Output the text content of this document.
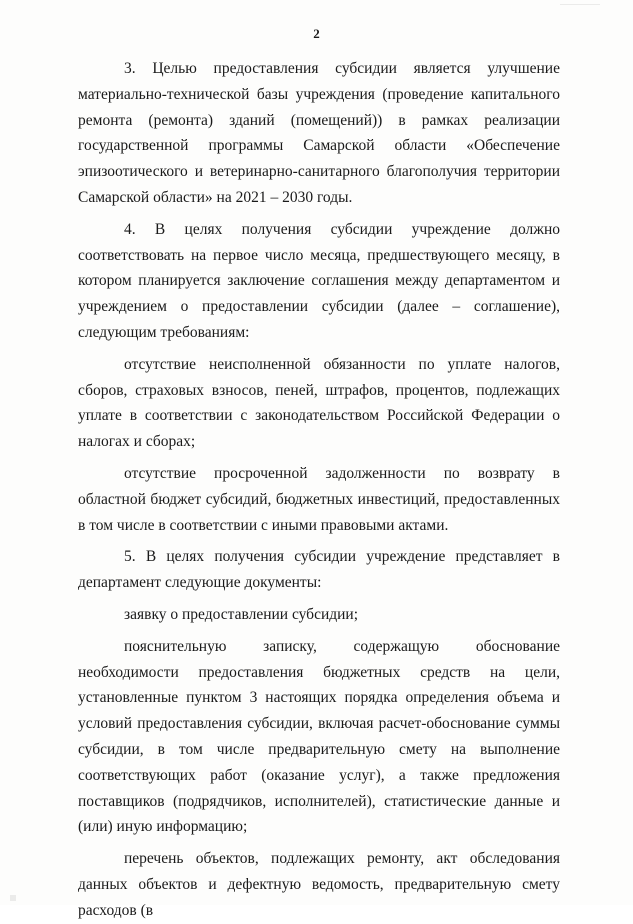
2

3. Целью предоставления субсидии является улучшение материально-технической базы учреждения (проведение капитального ремонта (ремонта) зданий (помещений)) в рамках реализации государственной программы Самарской области «Обеспечение эпизоотического и ветеринарно-санитарного благополучия территории Самарской области» на 2021 – 2030 годы.

4. В целях получения субсидии учреждение должно соответствовать на первое число месяца, предшествующего месяцу, в котором планируется заключение соглашения между департаментом и учреждением о предоставлении субсидии (далее – соглашение), следующим требованиям:

отсутствие неисполненной обязанности по уплате налогов, сборов, страховых взносов, пеней, штрафов, процентов, подлежащих уплате в соответствии с законодательством Российской Федерации о налогах и сборах;

отсутствие просроченной задолженности по возврату в областной бюджет субсидий, бюджетных инвестиций, предоставленных в том числе в соответствии с иными правовыми актами.

5. В целях получения субсидии учреждение представляет в департамент следующие документы:

заявку о предоставлении субсидии;

пояснительную записку, содержащую обоснование необходимости предоставления бюджетных средств на цели, установленные пунктом 3 настоящих порядка определения объема и условий предоставления субсидии, включая расчет-обоснование суммы субсидии, в том числе предварительную смету на выполнение соответствующих работ (оказание услуг), а также предложения поставщиков (подрядчиков, исполнителей), статистические данные и (или) иную информацию;

перечень объектов, подлежащих ремонту, акт обследования данных объектов и дефектную ведомость, предварительную смету расходов (в
